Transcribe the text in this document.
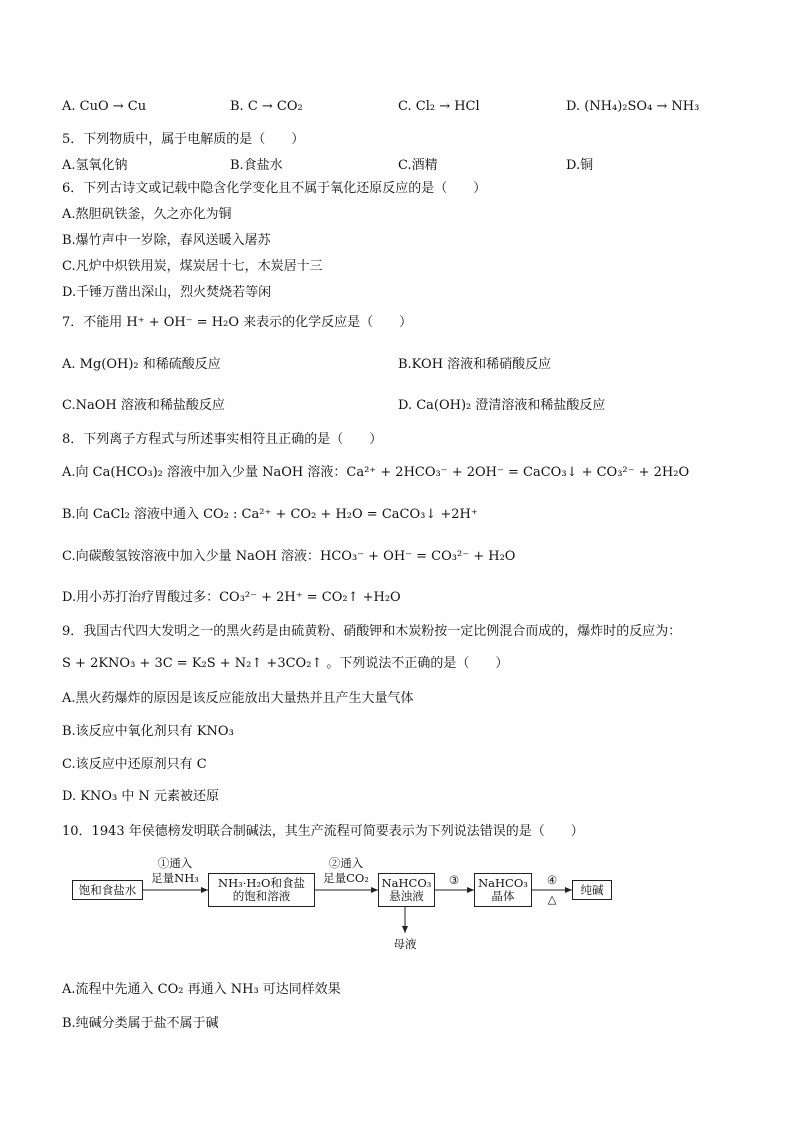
A. CuO → Cu	B. C → CO₂	C. Cl₂ → HCl	D. (NH₄)₂SO₄ → NH₃
5．下列物质中，属于电解质的是（　　）
A.氢氧化钠	B.食盐水	C.酒精	D.铜
6．下列古诗文或记载中隐含化学变化且不属于氧化还原反应的是（　　）
A.熬胆矾铁釜，久之亦化为铜
B.爆竹声中一岁除，春风送暖入屠苏
C.凡炉中炽铁用炭，煤炭居十七，木炭居十三
D.千锤万凿出深山，烈火焚烧若等闲
7．不能用 H⁺ + OH⁻ = H₂O 来表示的化学反应是（　　）
A. Mg(OH)₂ 和稀硫酸反应	B.KOH 溶液和稀硝酸反应
C.NaOH 溶液和稀盐酸反应	D. Ca(OH)₂ 澄清溶液和稀盐酸反应
8．下列离子方程式与所述事实相符且正确的是（　　）
A.向 Ca(HCO₃)₂ 溶液中加入少量 NaOH 溶液：Ca²⁺ + 2HCO₃⁻ + 2OH⁻ = CaCO₃↓ + CO₃²⁻ + 2H₂O
B.向 CaCl₂ 溶液中通入 CO₂ : Ca²⁺ + CO₂ + H₂O = CaCO₃↓ +2H⁺
C.向碳酸氢铵溶液中加入少量 NaOH 溶液：HCO₃⁻ + OH⁻ = CO₃²⁻ + H₂O
D.用小苏打治疗胃酸过多：CO₃²⁻ + 2H⁺ = CO₂↑ +H₂O
9．我国古代四大发明之一的黑火药是由硫黄粉、硝酸钾和木炭粉按一定比例混合而成的，爆炸时的反应为：
S + 2KNO₃ + 3C = K₂S + N₂↑ +3CO₂↑ 。下列说法不正确的是（　　）
A.黑火药爆炸的原因是该反应能放出大量热并且产生大量气体
B.该反应中氧化剂只有 KNO₃
C.该反应中还原剂只有 C
D. KNO₃ 中 N 元素被还原
10．1943 年侯德榜发明联合制碱法，其生产流程可简要表示为下列说法错误的是（　　）
饱和食盐水
①通入
足量NH₃	NH₃·H₂O和食盐
的饱和溶液
②通入
足量CO₂	NaHCO₃
悬浊液
③	NaHCO₃
晶体
④
△
纯碱
母液
A.流程中先通入 CO₂ 再通入 NH₃ 可达同样效果
B.纯碱分类属于盐不属于碱
